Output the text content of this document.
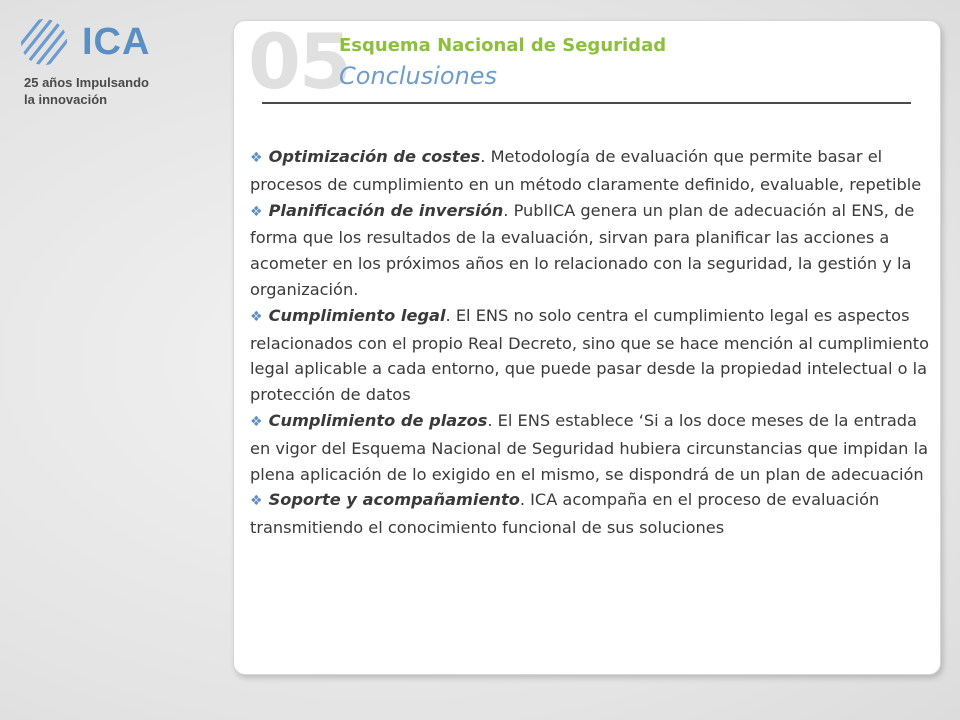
ICA
25 años Impulsando
la innovación	05
Esquema Nacional de Seguridad
Conclusiones

❖ Optimización de costes. Metodología de evaluación que permite basar el procesos de cumplimiento en un método claramente definido, evaluable, repetible

❖ Planificación de inversión. PublICA genera un plan de adecuación al ENS, de forma que los resultados de la evaluación, sirvan para planificar las acciones a acometer en los próximos años en lo relacionado con la seguridad, la gestión y la organización.

❖ Cumplimiento legal. El ENS no solo centra el cumplimiento legal es aspectos relacionados con el propio Real Decreto, sino que se hace mención al cumplimiento legal aplicable a cada entorno, que puede pasar desde la propiedad intelectual o la protección de datos

❖ Cumplimiento de plazos. El ENS establece ‘Si a los doce meses de la entrada en vigor del Esquema Nacional de Seguridad hubiera circunstancias que impidan la plena aplicación de lo exigido en el mismo, se dispondrá de un plan de adecuación

❖ Soporte y acompañamiento. ICA acompaña en el proceso de evaluación transmitiendo el conocimiento funcional de sus soluciones
